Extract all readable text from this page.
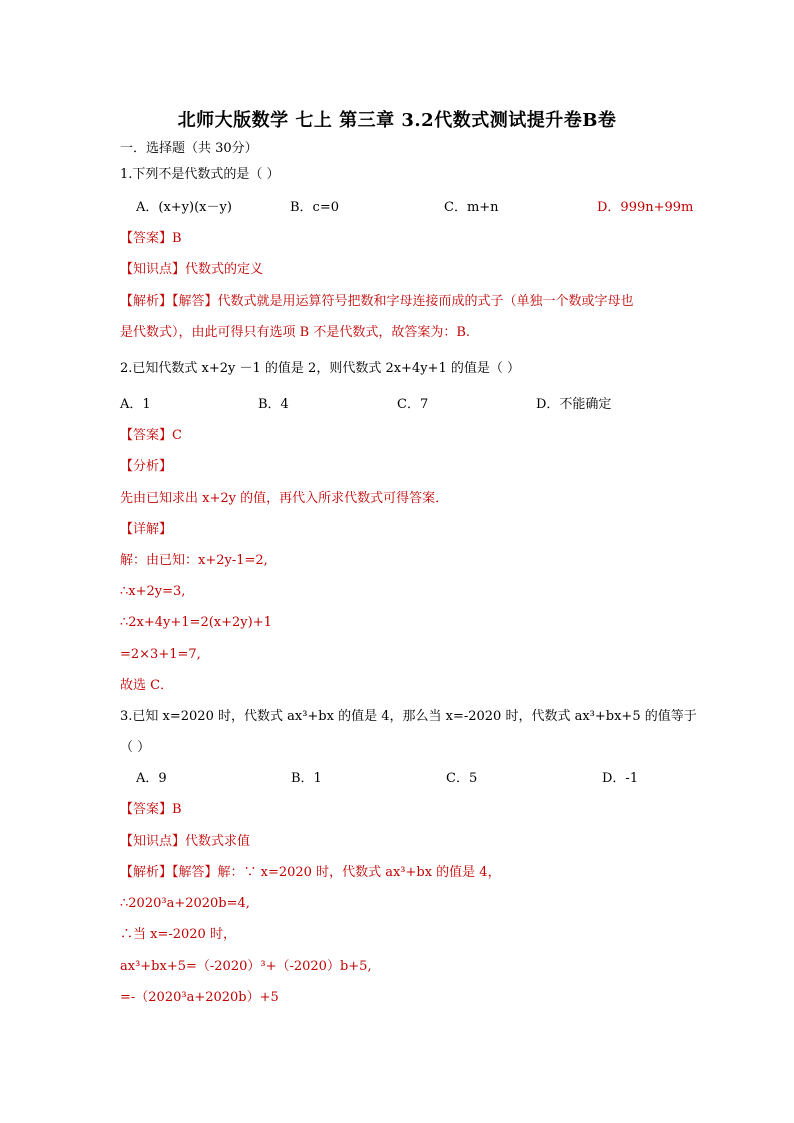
北师大版数学 七上 第三章 3.2代数式测试提升卷B卷
一．选择题（共 30分）
1.下列不是代数式的是（ ）
A．(x+y)(x－y)	B．c=0	C．m+n	D．999n+99m
【答案】B
【知识点】代数式的定义
【解析】【解答】代数式就是用运算符号把数和字母连接而成的式子（单独一个数或字母也
是代数式），由此可得只有选项 B 不是代数式，故答案为：B.
2.已知代数式 x+2y －1 的值是 2，则代数式 2x+4y+1 的值是（ ）
A．1	B．4	C．7	D．不能确定
【答案】C
【分析】
先由已知求出 x+2y 的值，再代入所求代数式可得答案．
【详解】
解：由已知：x+2y-1=2,
∴x+2y=3,
∴2x+4y+1=2(x+2y)+1
=2×3+1=7,
故选 C．
3.已知 x=2020 时，代数式 ax³+bx 的值是 4，那么当 x=-2020 时，代数式 ax³+bx+5 的值等于
（ ）
A．9	B．1	C．5	D．-1
【答案】B
【知识点】代数式求值
【解析】【解答】解：∵ x=2020 时，代数式 ax³+bx 的值是 4，
∴2020³a+2020b=4,
∴当 x=-2020 时，
ax³+bx+5=（-2020）³+（-2020）b+5,
=-（2020³a+2020b）+5
